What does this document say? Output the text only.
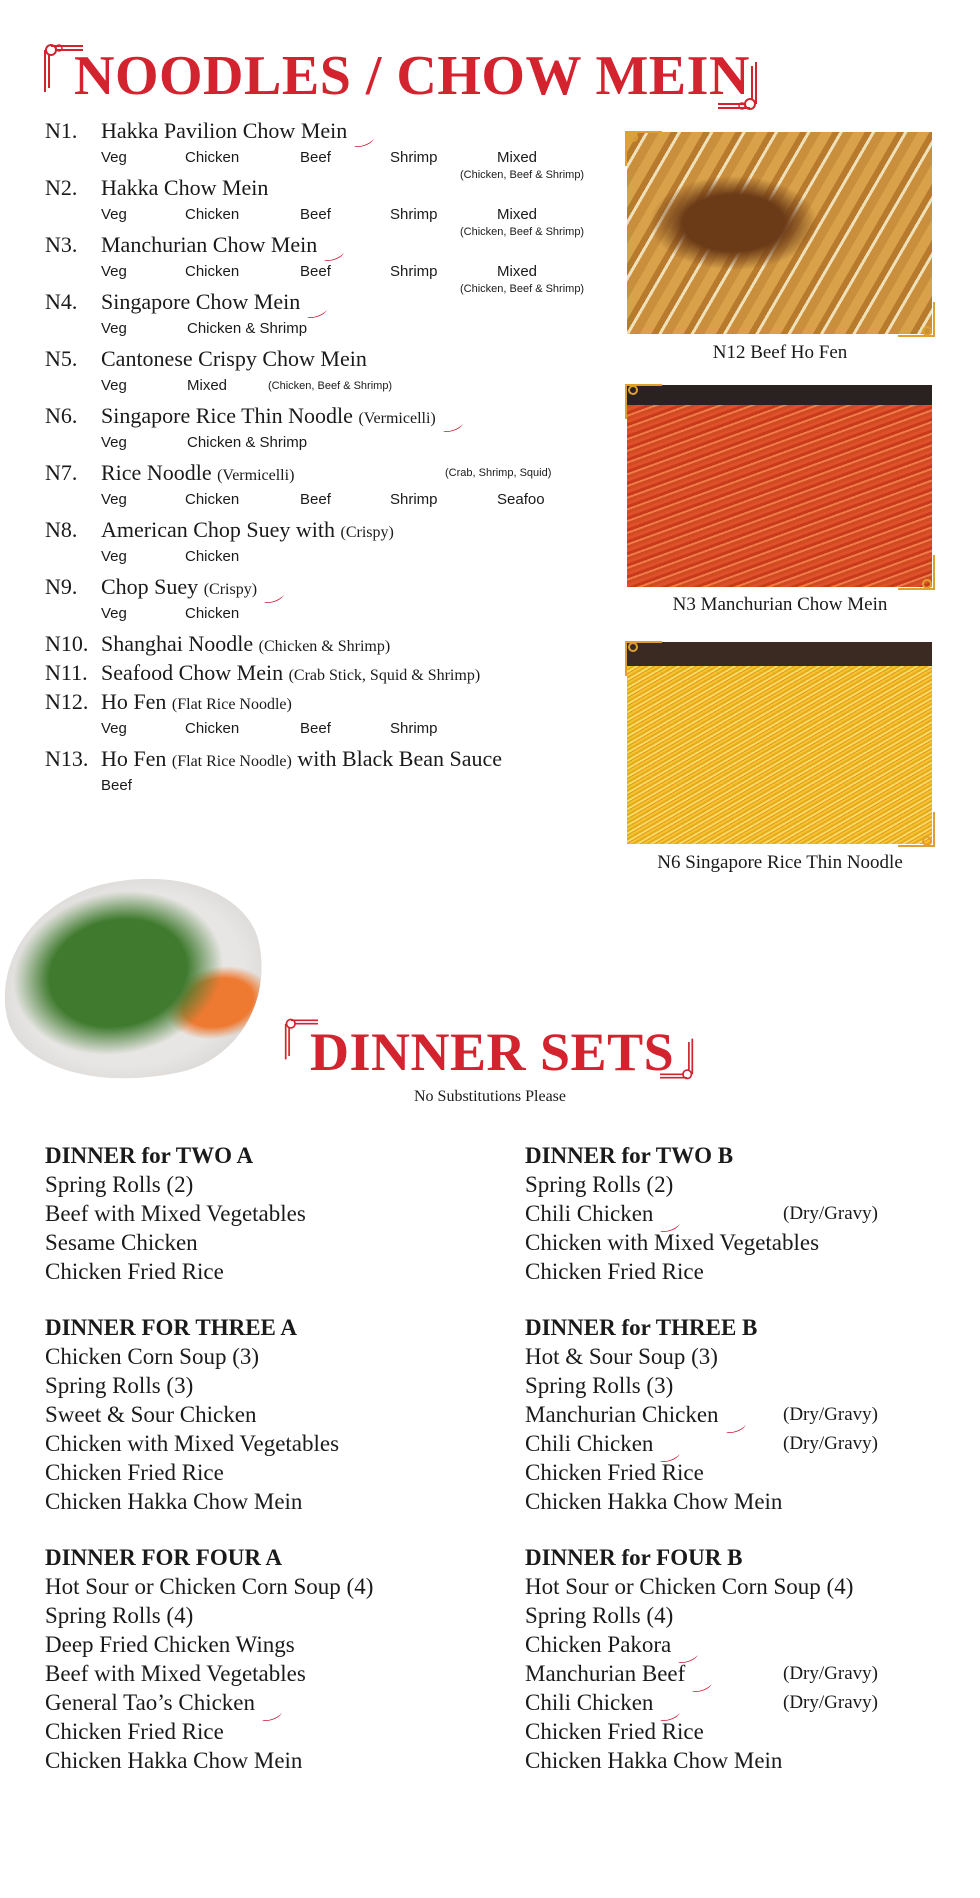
NOODLES / CHOW MEIN
N1. Hakka Pavilion Chow Mein
Veg	Chicken	Beef	Shrimp	Mixed
(Chicken, Beef & Shrimp)
N2. Hakka Chow Mein
Veg	Chicken	Beef	Shrimp	Mixed
(Chicken, Beef & Shrimp)
N3. Manchurian Chow Mein
Veg	Chicken	Beef	Shrimp	Mixed
(Chicken, Beef & Shrimp)
N4. Singapore Chow Mein
Veg	Chicken & Shrimp
N5. Cantonese Crispy Chow Mein
Veg	Mixed	(Chicken, Beef & Shrimp)
N6. Singapore Rice Thin Noodle (Vermicelli)
Veg	Chicken & Shrimp
N7. Rice Noodle (Vermicelli)
Veg	Chicken	Beef	Shrimp	Seafoo
(Crab, Shrimp, Squid)
N8. American Chop Suey with (Crispy)
Veg	Chicken
N9. Chop Suey (Crispy)
Veg	Chicken
N10. Shanghai Noodle (Chicken & Shrimp)
N11. Seafood Chow Mein (Crab Stick, Squid & Shrimp)
N12. Ho Fen (Flat Rice Noodle)
Veg	Chicken	Beef	Shrimp
N13. Ho Fen (Flat Rice Noodle) with Black Bean Sauce
Beef
N12 Beef Ho Fen
N3 Manchurian Chow Mein
N6 Singapore Rice Thin Noodle
DINNER SETS
No Substitutions Please
DINNER for TWO A
Spring Rolls (2)
Beef with Mixed Vegetables
Sesame Chicken
Chicken Fried Rice
DINNER FOR THREE A
Chicken Corn Soup (3)
Spring Rolls (3)
Sweet & Sour Chicken
Chicken with Mixed Vegetables
Chicken Fried Rice
Chicken Hakka Chow Mein
DINNER FOR FOUR A
Hot Sour or Chicken Corn Soup (4)
Spring Rolls (4)
Deep Fried Chicken Wings
Beef with Mixed Vegetables
General Tao’s Chicken
Chicken Fried Rice
Chicken Hakka Chow Mein
DINNER for TWO B
Spring Rolls (2)
Chili Chicken	(Dry/Gravy)
Chicken with Mixed Vegetables
Chicken Fried Rice
DINNER for THREE B
Hot & Sour Soup (3)
Spring Rolls (3)
Manchurian Chicken	(Dry/Gravy)
Chili Chicken	(Dry/Gravy)
Chicken Fried Rice
Chicken Hakka Chow Mein
DINNER for FOUR B
Hot Sour or Chicken Corn Soup (4)
Spring Rolls (4)
Chicken Pakora
Manchurian Beef	(Dry/Gravy)
Chili Chicken	(Dry/Gravy)
Chicken Fried Rice
Chicken Hakka Chow Mein
